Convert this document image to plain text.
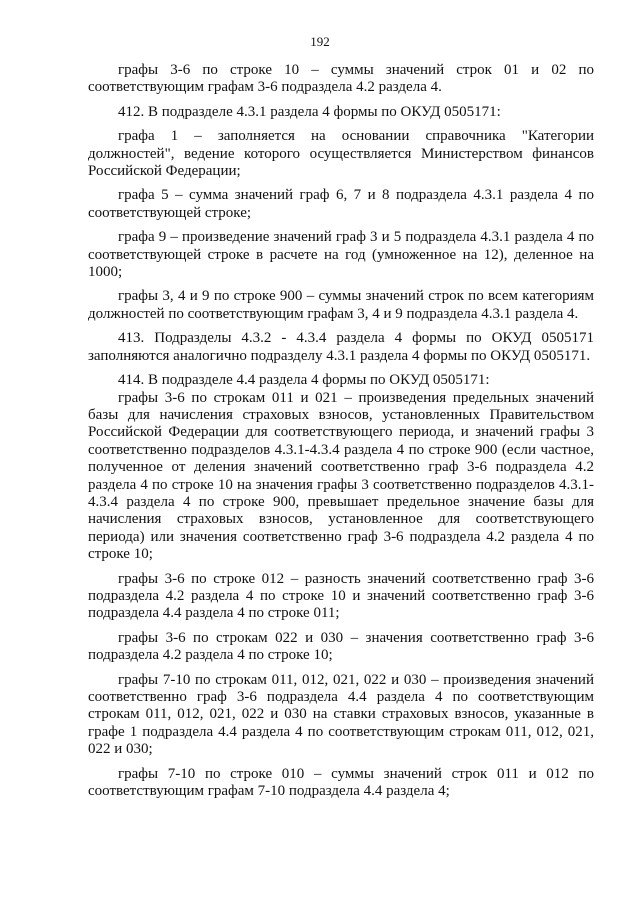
192

графы 3-6 по строке 10 – суммы значений строк 01 и 02 по соответствующим графам 3-6 подраздела 4.2 раздела 4.

412. В подразделе 4.3.1 раздела 4 формы по ОКУД 0505171:

графа 1 – заполняется на основании справочника "Категории должностей", ведение которого осуществляется Министерством финансов Российской Федерации;

графа 5 – сумма значений граф 6, 7 и 8 подраздела 4.3.1 раздела 4 по соответствующей строке;

графа 9 – произведение значений граф 3 и 5 подраздела 4.3.1 раздела 4 по соответствующей строке в расчете на год (умноженное на 12), деленное на 1000;

графы 3, 4 и 9 по строке 900 – суммы значений строк по всем категориям должностей по соответствующим графам 3, 4 и 9 подраздела 4.3.1 раздела 4.

413. Подразделы 4.3.2 - 4.3.4 раздела 4 формы по ОКУД 0505171 заполняются аналогично подразделу 4.3.1 раздела 4 формы по ОКУД 0505171.

414. В подразделе 4.4 раздела 4 формы по ОКУД 0505171:

графы 3-6 по строкам 011 и 021 – произведения предельных значений базы для начисления страховых взносов, установленных Правительством Российской Федерации для соответствующего периода, и значений графы 3 соответственно подразделов 4.3.1-4.3.4 раздела 4 по строке 900 (если частное, полученное от деления значений соответственно граф 3-6 подраздела 4.2 раздела 4 по строке 10 на значения графы 3 соответственно подразделов 4.3.1-4.3.4 раздела 4 по строке 900, превышает предельное значение базы для начисления страховых взносов, установленное для соответствующего периода) или значения соответственно граф 3-6 подраздела 4.2 раздела 4 по строке 10;

графы 3-6 по строке 012 – разность значений соответственно граф 3-6 подраздела 4.2 раздела 4 по строке 10 и значений соответственно граф 3-6 подраздела 4.4 раздела 4 по строке 011;

графы 3-6 по строкам 022 и 030 – значения соответственно граф 3-6 подраздела 4.2 раздела 4 по строке 10;

графы 7-10 по строкам 011, 012, 021, 022 и 030 – произведения значений соответственно граф 3-6 подраздела 4.4 раздела 4 по соответствующим строкам 011, 012, 021, 022 и 030 на ставки страховых взносов, указанные в графе 1 подраздела 4.4 раздела 4 по соответствующим строкам 011, 012, 021, 022 и 030;

графы 7-10 по строке 010 – суммы значений строк 011 и 012 по соответствующим графам 7-10 подраздела 4.4 раздела 4;
